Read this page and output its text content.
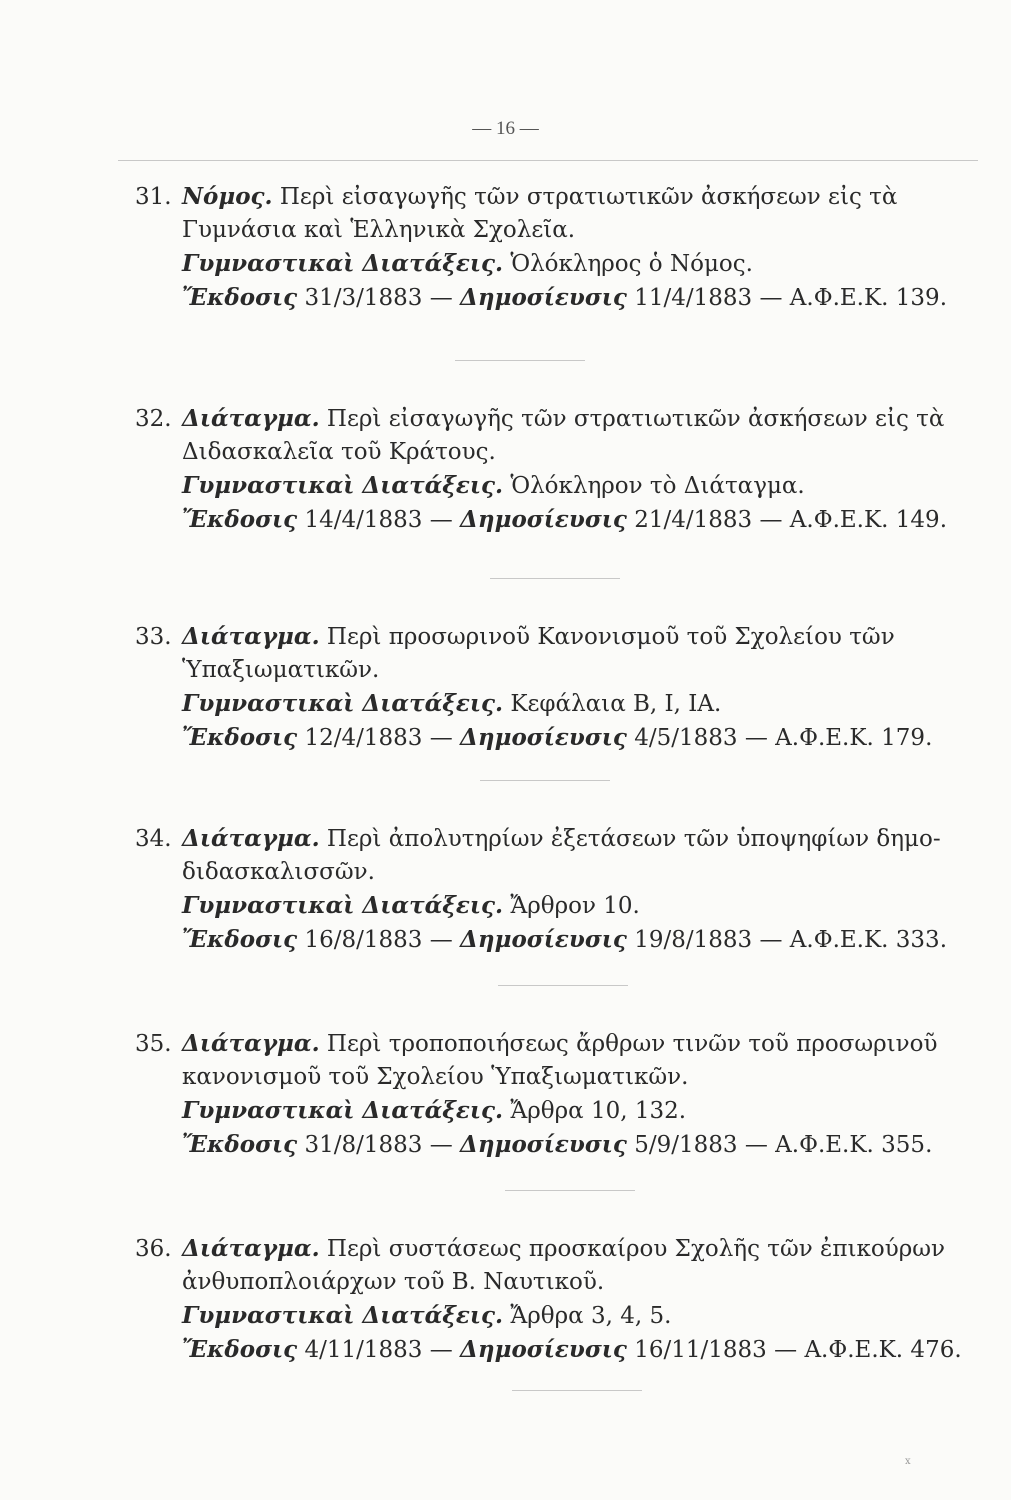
— 16 —

31. Νόμος. Περὶ εἰσαγωγῆς τῶν στρατιωτικῶν ἀσκήσεων εἰς τὰ

Γυμνάσια καὶ Ἑλληνικὰ Σχολεῖα.

Γυμναστικαὶ Διατάξεις. Ὁλόκληρος ὁ Νόμος.

Ἔκδοσις 31/3/1883 — Δημοσίευσις 11/4/1883 — Α.Φ.Ε.Κ. 139.

32. Διάταγμα. Περὶ εἰσαγωγῆς τῶν στρατιωτικῶν ἀσκήσεων εἰς τὰ

Διδασκαλεῖα τοῦ Κράτους.

Γυμναστικαὶ Διατάξεις. Ὁλόκληρον τὸ Διάταγμα.

Ἔκδοσις 14/4/1883 — Δημοσίευσις 21/4/1883 — Α.Φ.Ε.Κ. 149.

33. Διάταγμα. Περὶ προσωρινοῦ Κανονισμοῦ τοῦ Σχολείου τῶν

Ὑπαξιωματικῶν.

Γυμναστικαὶ Διατάξεις. Κεφάλαια Β, Ι, ΙΑ.

Ἔκδοσις 12/4/1883 — Δημοσίευσις 4/5/1883 — Α.Φ.Ε.Κ. 179.

34. Διάταγμα. Περὶ ἀπολυτηρίων ἐξετάσεων τῶν ὑποψηφίων δημο-

διδασκαλισσῶν.

Γυμναστικαὶ Διατάξεις. Ἄρθρον 10.

Ἔκδοσις 16/8/1883 — Δημοσίευσις 19/8/1883 — Α.Φ.Ε.Κ. 333.

35. Διάταγμα. Περὶ τροποποιήσεως ἄρθρων τινῶν τοῦ προσωρινοῦ

κανονισμοῦ τοῦ Σχολείου Ὑπαξιωματικῶν.

Γυμναστικαὶ Διατάξεις. Ἄρθρα 10, 132.

Ἔκδοσις 31/8/1883 — Δημοσίευσις 5/9/1883 — Α.Φ.Ε.Κ. 355.

36. Διάταγμα. Περὶ συστάσεως προσκαίρου Σχολῆς τῶν ἐπικούρων

ἀνθυποπλοιάρχων τοῦ Β. Ναυτικοῦ.

Γυμναστικαὶ Διατάξεις. Ἄρθρα 3, 4, 5.

Ἔκδοσις 4/11/1883 — Δημοσίευσις 16/11/1883 — Α.Φ.Ε.Κ. 476.

x
